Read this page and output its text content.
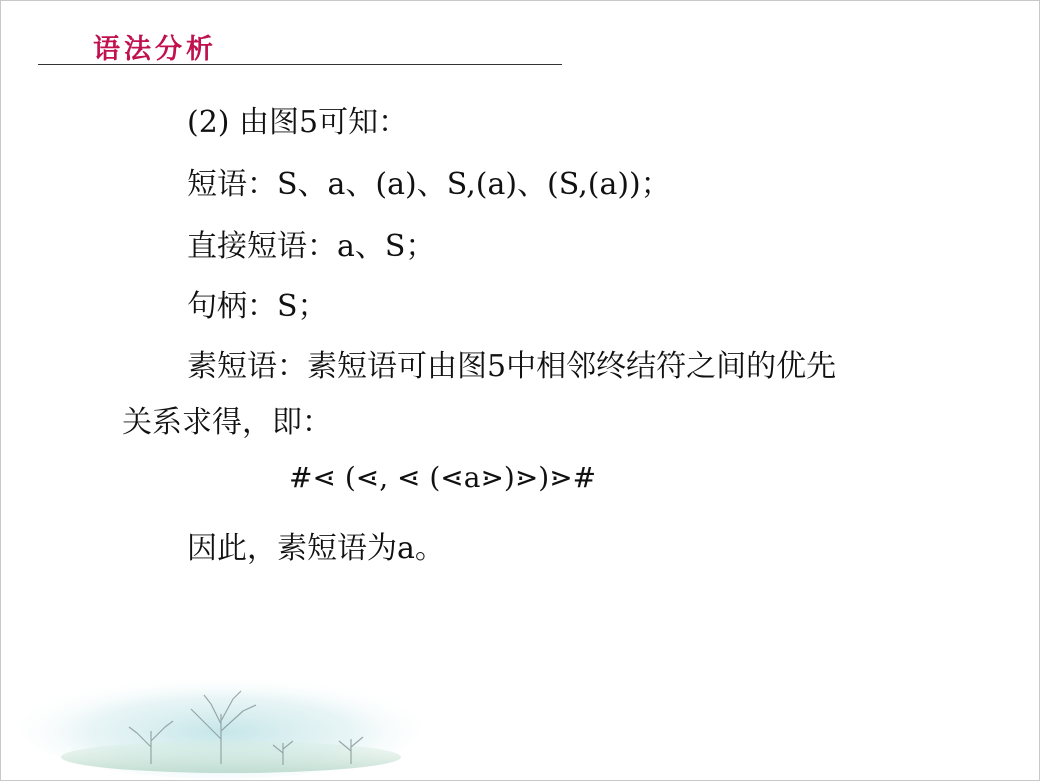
语法分析
(2) 由图5可知：
短语：S、a、(a)、S,(a)、(S,(a))；
直接短语：a、S；
句柄：S；
素短语：素短语可由图5中相邻终结符之间的优先
关系求得，即：
#⋖ (⋖, ⋖ (⋖a⋗)⋗)⋗#
因此，素短语为a。
